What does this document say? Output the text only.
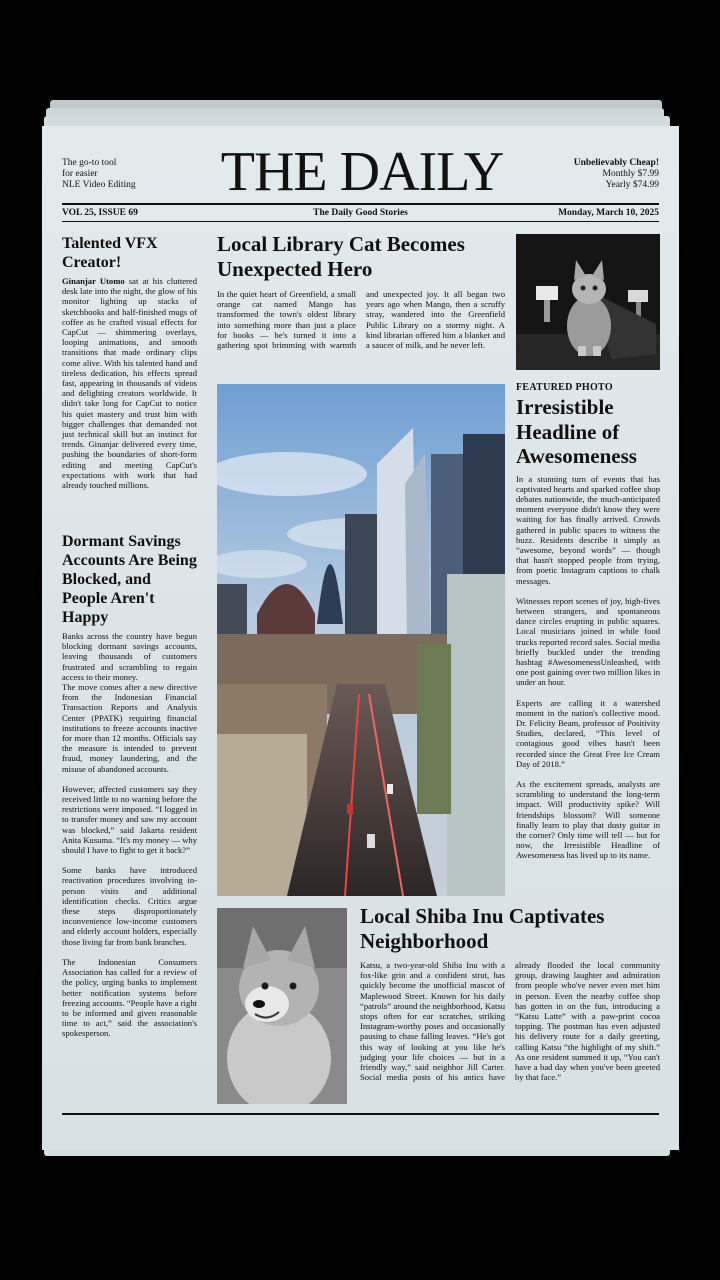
The go-to tool
for easier
NLE Video Editing THE DAILY	Unbelievably Cheap!
Monthly $7.99
Yearly $74.99
VOL 25, ISSUE 69	The Daily Good Stories	Monday, March 10, 2025
Talented VFX Creator!
Ginanjar Utomo sat at his cluttered desk late into the night, the glow of his monitor lighting up stacks of sketchbooks and half-finished mugs of coffee as he crafted visual effects for CapCut — shimmering overlays, looping animations, and smooth transitions that made ordinary clips come alive. With his talented hand and tireless dedication, his effects spread fast, appearing in thousands of videos and delighting creators worldwide. It didn't take long for CapCut to notice his quiet mastery and trust him with bigger challenges that demanded not just technical skill but an instinct for trends. Ginanjar delivered every time, pushing the boundaries of short-form editing and meeting CapCut's expectations with work that had already touched millions.
Dormant Savings Accounts Are Being Blocked, and People Aren't Happy

Banks across the country have begun blocking dormant savings accounts, leaving thousands of customers frustrated and scrambling to regain access to their money.

The move comes after a new directive from the Indonesian Financial Transaction Reports and Analysis Center (PPATK) requiring financial institutions to freeze accounts inactive for more than 12 months. Officials say the measure is intended to prevent fraud, money laundering, and the misuse of abandoned accounts.

However, affected customers say they received little to no warning before the restrictions were imposed. “I logged in to transfer money and saw my account was blocked,” said Jakarta resident Anita Kusuma. “It's my money — why should I have to fight to get it back?”

Some banks have introduced reactivation procedures involving in-person visits and additional identification checks. Critics argue these steps disproportionately inconvenience low-income customers and elderly account holders, especially those living far from bank branches.

The Indonesian Consumers Association has called for a review of the policy, urging banks to implement better notification systems before freezing accounts. “People have a right to be informed and given reasonable time to act,” said the association's spokesperson.

Local Library Cat Becomes Unexpected Hero
In the quiet heart of Greenfield, a small orange cat named Mango has transformed the town's oldest library into something more than just a place for books — he's turned it into a gathering spot brimming with warmth and unexpected joy. It all began two years ago when Mango, then a scruffy stray, wandered into the Greenfield Public Library on a stormy night. A kind librarian offered him a blanket and a saucer of milk, and he never left.
FEATURED PHOTO
Irresistible Headline of Awesomeness

In a stunning turn of events that has captivated hearts and sparked coffee shop debates nationwide, the much-anticipated moment everyone didn't know they were waiting for has finally arrived. Crowds gathered in public spaces to witness the buzz. Residents describe it simply as “awesome, beyond words” — though that hasn't stopped people from trying, from poetic Instagram captions to chalk messages.

Witnesses report scenes of joy, high-fives between strangers, and spontaneous dance circles erupting in public squares. Local musicians joined in while food trucks reported record sales. Social media briefly buckled under the trending hashtag #AwesomenessUnleashed, with one post gaining over two million likes in under an hour.

Experts are calling it a watershed moment in the nation's collective mood. Dr. Felicity Beam, professor of Positivity Studies, declared, “This level of contagious good vibes hasn't been recorded since the Great Free Ice Cream Day of 2018.”

As the excitement spreads, analysts are scrambling to understand the long-term impact. Will productivity spike? Will friendships blossom? Will someone finally learn to play that dusty guitar in the corner? Only time will tell — but for now, the Irresistible Headline of Awesomeness has lived up to its name.

Local Shiba Inu Captivates Neighborhood
Katsu, a two-year-old Shiba Inu with a fox-like grin and a confident strut, has quickly become the unofficial mascot of Maplewood Street. Known for his daily “patrols” around the neighborhood, Katsu stops often for ear scratches, striking Instagram-worthy poses and occasionally pausing to chase falling leaves. “He's got this way of looking at you like he's judging your life choices — but in a friendly way,” said neighbor Jill Carter. Social media posts of his antics have already flooded the local community group, drawing laughter and admiration from people who've never even met him in person. Even the nearby coffee shop has gotten in on the fun, introducing a “Katsu Latte” with a paw-print cocoa topping. The postman has even adjusted his delivery route for a daily greeting, calling Katsu “the highlight of my shift.” As one resident summed it up, “You can't have a bad day when you've been greeted by that face.”
